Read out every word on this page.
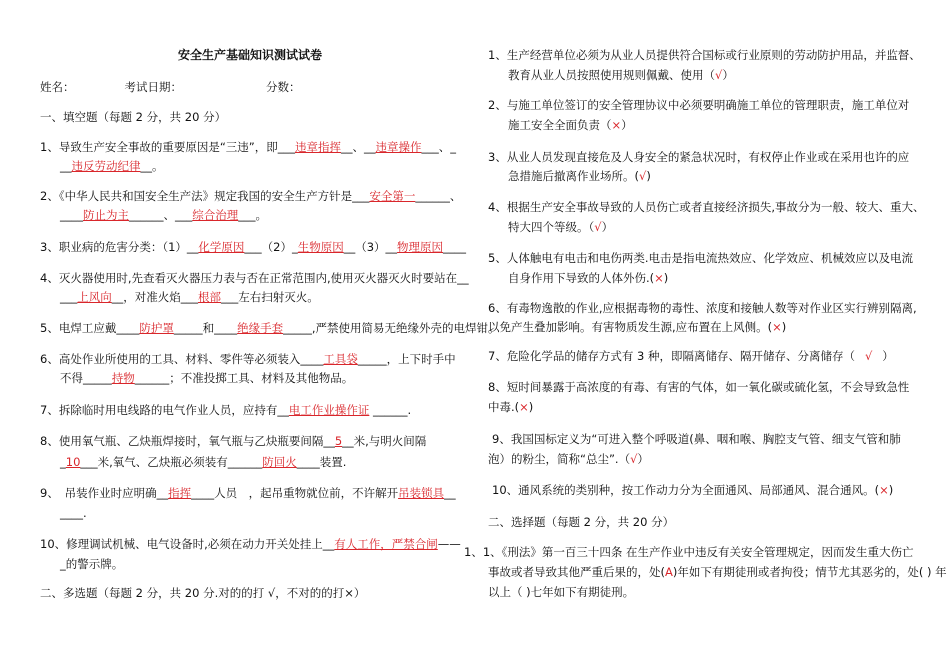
安全生产基础知识测试试卷
姓名：	考试日期：	分数：
一、填空题（每题 2 分，共 20 分）
1、导致生产安全事故的重要原因是“三违”，即___违章指挥__、__违章操作___、_
__违反劳动纪律__。
2、《中华人民共和国安全生产法》规定我国的安全生产方针是___安全第一______、
____防止为主______、___综合治理___。
3、职业病的危害分类：（1）__化学原因___（2）_生物原因__（3）__物理原因____
4、灭火器使用时,先查看灭火器压力表与否在正常范围内,使用灭火器灭火时要站在__
___上风向__，对准火焰___根部___左右扫射灭火。
5、电焊工应戴____防护罩_____和____绝缘手套_____,严禁使用简易无绝缘外壳的电焊钳。
6、高处作业所使用的工具、材料、零件等必须装入____工具袋_____，上下时手中
不得_____持物______；不准投掷工具、材料及其他物品。
7、拆除临时用电线路的电气作业人员，应持有__电工作业操作证 ______.
8、使用氧气瓶、乙炔瓶焊接时，氧气瓶与乙炔瓶要间隔__5__米,与明火间隔
_10___米,氧气、乙炔瓶必须装有______防回火____装置.
9、　吊装作业时应明确__指挥____人员　，起吊重物就位前，不许解开吊装锁具__
____.
10、修理调试机械、电气设备时,必须在动力开关处挂上__有人工作，严禁合闸——
_的警示牌。
二、多选题（每题 2 分，共 20 分.对的的打 √，不对的的打×）
1、生产经营单位必须为从业人员提供符合国标或行业原则的劳动防护用品，并监督、
教育从业人员按照使用规则佩戴、使用（√）
2、与施工单位签订的安全管理协议中必须要明确施工单位的管理职责，施工单位对
施工安全全面负责（×）
3、从业人员发现直接危及人身安全的紧急状况时，有权停止作业或在采用也许的应
急措施后撤离作业场所。(√)
4、根据生产安全事故导致的人员伤亡或者直接经济损失,事故分为一般、较大、重大、
特大四个等级。（√）
5、人体触电有电击和电伤两类.电击是指电流热效应、化学效应、机械效应以及电流
自身作用下导致的人体外伤.(×)
6、有毒物逸散的作业,应根据毒物的毒性、浓度和接触人数等对作业区实行辨别隔离,
以免产生叠加影响。有害物质发生源,应布置在上风侧。(×)
7、危险化学品的储存方式有 3 种，即隔离储存、隔开储存、分离储存（ √ ）
8、短时间暴露于高浓度的有毒、有害的气体，如一氧化碳或硫化氢，不会导致急性
中毒.(×)
9、我国国标定义为“可进入整个呼吸道(鼻、咽和喉、胸腔支气管、细支气管和肺
泡）的粉尘，简称“总尘”.（√）
10、通风系统的类别种，按工作动力分为全面通风、局部通风、混合通风。(×)
二、选择题（每题 2 分，共 20 分）
1、1、《刑法》第一百三十四条 在生产作业中违反有关安全管理规定，因而发生重大伤亡
事故或者导致其他严重后果的，处(A)年如下有期徒刑或者拘役；情节尤其恶劣的，处( ) 年
以上（ )七年如下有期徒刑。
